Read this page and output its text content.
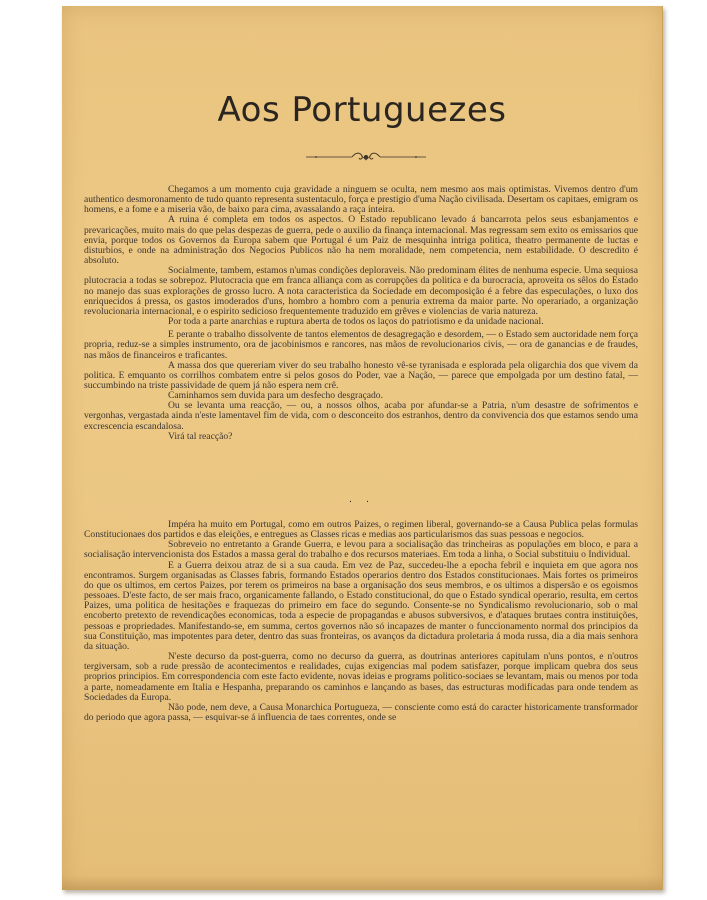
Aos Portuguezes

Chegamos a um momento cuja gravidade a ninguem se oculta, nem mesmo aos mais optimistas. Vivemos dentro d'um authentico desmoronamento de tudo quanto representa sustentaculo, força e prestigio d'uma Nação civilisada. Desertam os capitaes, emigram os homens, e a fome e a miseria vão, de baixo para cima, avassalando a raça inteira.

A ruina é completa em todos os aspectos. O Estado republicano levado á bancarrota pelos seus esbanjamentos e prevaricações, muito mais do que pelas despezas de guerra, pede o auxilio da finança internacional. Mas regressam sem exito os emissarios que envia, porque todos os Governos da Europa sabem que Portugal é um Paiz de mesquinha intriga politica, theatro permanente de luctas e disturbios, e onde na administração dos Negocios Publicos não ha nem moralidade, nem competencia, nem estabilidade. O descredito é absoluto.

Socialmente, tambem, estamos n'umas condições deploraveis. Não predominam élites de nenhuma especie. Uma sequiosa plutocracia a todas se sobrepoz. Plutocracia que em franca alliança com as corrupções da politica e da burocracia, aproveita os sêlos do Estado no manejo das suas explorações de grosso lucro. A nota caracteristica da Sociedade em decomposição é a febre das especulações, o luxo dos enriquecidos á pressa, os gastos imoderados d'uns, hombro a hombro com a penuria extrema da maior parte. No operariado, a organização revolucionaria internacional, e o espirito sedicioso frequentemente traduzido em grêves e violencias de varia natureza.

Por toda a parte anarchias e ruptura aberta de todos os laços do patriotismo e da unidade nacional.

E perante o trabalho dissolvente de tantos elementos de desagregação e desordem, — o Estado sem auctoridade nem força propria, reduz-se a simples instrumento, ora de jacobinismos e rancores, nas mãos de revolucionarios civis, — ora de ganancias e de fraudes, nas mãos de financeiros e traficantes.

A massa dos que quereriam viver do seu trabalho honesto vê-se tyranisada e esplorada pela oligarchia dos que vivem da politica. E emquanto os corrilhos combatem entre si pelos gosos do Poder, vae a Nação, — parece que empolgada por um destino fatal, — succumbindo na triste passividade de quem já não espera nem crê.

Caminhamos sem duvida para um desfecho desgraçado.

Ou se levanta uma reacção, — ou, a nossos olhos, acaba por afundar-se a Patria, n'um desastre de sofrimentos e vergonhas, vergastada ainda n'este lamentavel fim de vida, com o desconceito dos estranhos, dentro da convivencia dos que estamos sendo uma excrescencia escandalosa.

Virá tal reacção?

. .

Impéra ha muito em Portugal, como em outros Paizes, o regimen liberal, governando-se a Causa Publica pelas formulas Constitucionaes dos partidos e das eleições, e entregues as Classes ricas e medias aos particularismos das suas pessoas e negocios.

Sobreveio no entretanto a Grande Guerra, e levou para a socialisação das trincheiras as populações em bloco, e para a socialisação intervencionista dos Estados a massa geral do trabalho e dos recursos materiaes. Em toda a linha, o Social substituiu o Individual.

E a Guerra deixou atraz de si a sua cauda. Em vez de Paz, succedeu-lhe a epocha febril e inquieta em que agora nos encontramos. Surgem organisadas as Classes fabris, formando Estados operarios dentro dos Estados constitucionaes. Mais fortes os primeiros do que os ultimos, em certos Paizes, por terem os primeiros na base a organisação dos seus membros, e os ultimos a dispersão e os egoismos pessoaes. D'este facto, de ser mais fraco, organicamente fallando, o Estado constitucional, do que o Estado syndical operario, resulta, em certos Paizes, uma politica de hesitações e fraquezas do primeiro em face do segundo. Consente-se no Syndicalismo revolucionario, sob o mal encoberto pretexto de revendicações economicas, toda a especie de propagandas e abusos subversivos, e d'ataques brutaes contra instituições, pessoas e propriedades. Manifestando-se, em summa, certos governos não só incapazes de manter o funccionamento normal dos principios da sua Constituição, mas impotentes para deter, dentro das suas fronteiras, os avanços da dictadura proletaria á moda russa, dia a dia mais senhora da situação.

N'este decurso da post-guerra, como no decurso da guerra, as doutrinas anteriores capitulam n'uns pontos, e n'outros tergiversam, sob a rude pressão de acontecimentos e realidades, cujas exigencias mal podem satisfazer, porque implicam quebra dos seus proprios principios. Em correspondencia com este facto evidente, novas ideias e programs politico-sociaes se levantam, mais ou menos por toda a parte, nomeadamente em Italia e Hespanha, preparando os caminhos e lançando as bases, das estructuras modificadas para onde tendem as Sociedades da Europa.

Não pode, nem deve, a Causa Monarchica Portugueza, — consciente como está do caracter historicamente transformador do periodo que agora passa, — esquivar-se á influencia de taes correntes, onde se
